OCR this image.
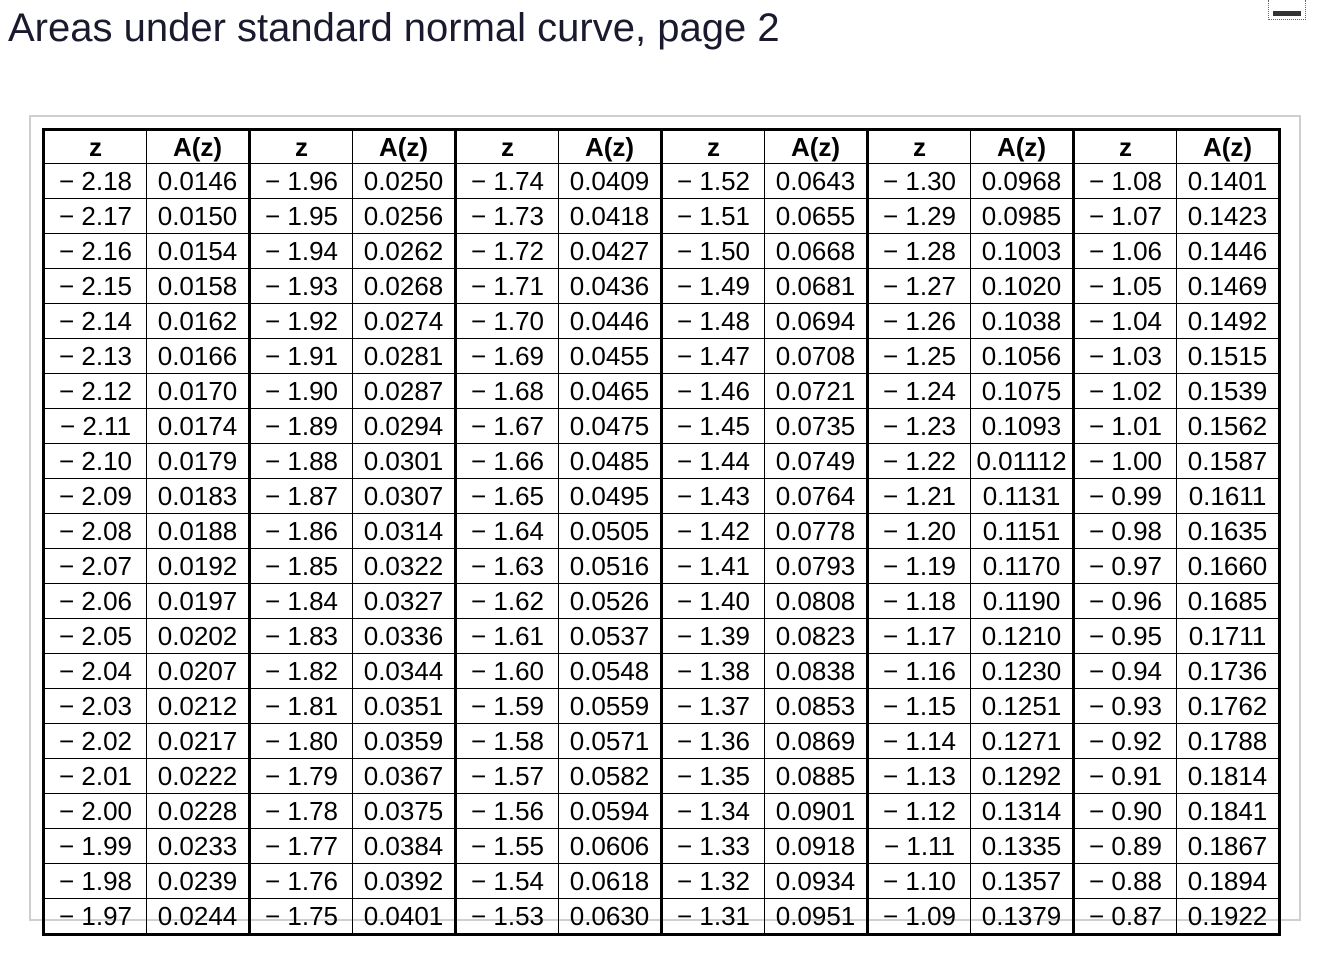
Areas under standard normal curve, page 2
z	A(z)	z	A(z)	z	A(z)	z	A(z)	z	A(z)	z	A(z)
− 2.18	0.0146	− 1.96	0.0250	− 1.74	0.0409	− 1.52	0.0643	− 1.30	0.0968	− 1.08	0.1401
− 2.17	0.0150	− 1.95	0.0256	− 1.73	0.0418	− 1.51	0.0655	− 1.29	0.0985	− 1.07	0.1423
− 2.16	0.0154	− 1.94	0.0262	− 1.72	0.0427	− 1.50	0.0668	− 1.28	0.1003	− 1.06	0.1446
− 2.15	0.0158	− 1.93	0.0268	− 1.71	0.0436	− 1.49	0.0681	− 1.27	0.1020	− 1.05	0.1469
− 2.14	0.0162	− 1.92	0.0274	− 1.70	0.0446	− 1.48	0.0694	− 1.26	0.1038	− 1.04	0.1492
− 2.13	0.0166	− 1.91	0.0281	− 1.69	0.0455	− 1.47	0.0708	− 1.25	0.1056	− 1.03	0.1515
− 2.12	0.0170	− 1.90	0.0287	− 1.68	0.0465	− 1.46	0.0721	− 1.24	0.1075	− 1.02	0.1539
− 2.11	0.0174	− 1.89	0.0294	− 1.67	0.0475	− 1.45	0.0735	− 1.23	0.1093	− 1.01	0.1562
− 2.10	0.0179	− 1.88	0.0301	− 1.66	0.0485	− 1.44	0.0749	− 1.22	0.01112	− 1.00	0.1587
− 2.09	0.0183	− 1.87	0.0307	− 1.65	0.0495	− 1.43	0.0764	− 1.21	0.1131	− 0.99	0.1611
− 2.08	0.0188	− 1.86	0.0314	− 1.64	0.0505	− 1.42	0.0778	− 1.20	0.1151	− 0.98	0.1635
− 2.07	0.0192	− 1.85	0.0322	− 1.63	0.0516	− 1.41	0.0793	− 1.19	0.1170	− 0.97	0.1660
− 2.06	0.0197	− 1.84	0.0327	− 1.62	0.0526	− 1.40	0.0808	− 1.18	0.1190	− 0.96	0.1685
− 2.05	0.0202	− 1.83	0.0336	− 1.61	0.0537	− 1.39	0.0823	− 1.17	0.1210	− 0.95	0.1711
− 2.04	0.0207	− 1.82	0.0344	− 1.60	0.0548	− 1.38	0.0838	− 1.16	0.1230	− 0.94	0.1736
− 2.03	0.0212	− 1.81	0.0351	− 1.59	0.0559	− 1.37	0.0853	− 1.15	0.1251	− 0.93	0.1762
− 2.02	0.0217	− 1.80	0.0359	− 1.58	0.0571	− 1.36	0.0869	− 1.14	0.1271	− 0.92	0.1788
− 2.01	0.0222	− 1.79	0.0367	− 1.57	0.0582	− 1.35	0.0885	− 1.13	0.1292	− 0.91	0.1814
− 2.00	0.0228	− 1.78	0.0375	− 1.56	0.0594	− 1.34	0.0901	− 1.12	0.1314	− 0.90	0.1841
− 1.99	0.0233	− 1.77	0.0384	− 1.55	0.0606	− 1.33	0.0918	− 1.11	0.1335	− 0.89	0.1867
− 1.98	0.0239	− 1.76	0.0392	− 1.54	0.0618	− 1.32	0.0934	− 1.10	0.1357	− 0.88	0.1894
− 1.97	0.0244	− 1.75	0.0401	− 1.53	0.0630	− 1.31	0.0951	− 1.09	0.1379	− 0.87	0.1922
